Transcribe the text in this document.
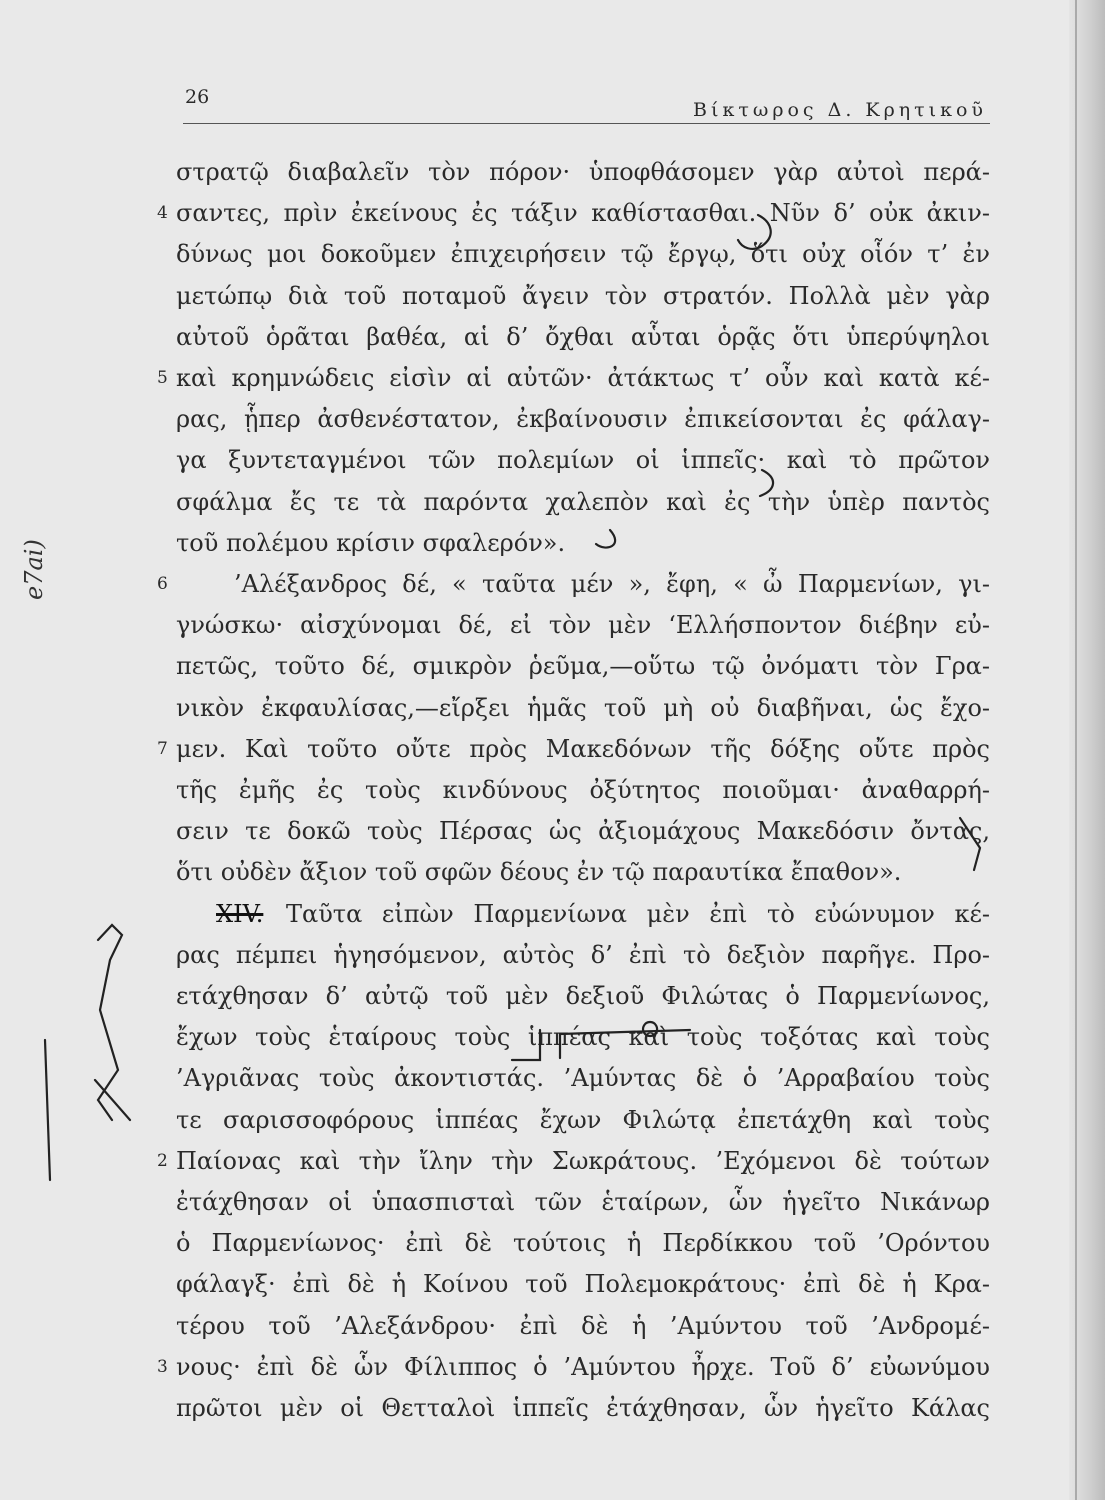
26
Βίκτωρος Δ. Κρητικοῦ
e7ai)
στρατῷ διαβαλεῖν τὸν πόρον· ὑποφθάσομεν γὰρ αὐτοὶ περά-
4 σαντες, πρὶν ἐκείνους ἐς τάξιν καθίστασθαι. Νῦν δ’ οὐκ ἀκιν-
δύνως μοι δοκοῦμεν ἐπιχειρήσειν τῷ ἔργῳ, ὅτι οὐχ οἷόν τ’ ἐν
μετώπῳ διὰ τοῦ ποταμοῦ ἄγειν τὸν στρατόν. Πολλὰ μὲν γὰρ
αὐτοῦ ὁρᾶται βαθέα, αἱ δ’ ὄχθαι αὗται ὁρᾷς ὅτι ὑπερύψηλοι
5 καὶ κρημνώδεις εἰσὶν αἱ αὐτῶν· ἀτάκτως τ’ οὖν καὶ κατὰ κέ-
ρας, ᾗπερ ἀσθενέστατον, ἐκβαίνουσιν ἐπικείσονται ἐς φάλαγ-
γα ξυντεταγμένοι τῶν πολεμίων οἱ ἱππεῖς· καὶ τὸ πρῶτον
σφάλμα ἔς τε τὰ παρόντα χαλεπὸν καὶ ἐς τὴν ὑπὲρ παντὸς
τοῦ πολέμου κρίσιν σφαλερόν».
6	’Αλέξανδρος δέ, « ταῦτα μέν », ἔφη, « ὦ Παρμενίων, γι-
γνώσκω· αἰσχύνομαι δέ, εἰ τὸν μὲν ‘Ελλήσποντον διέβην εὐ-
πετῶς, τοῦτο δέ, σμικρὸν ῥεῦμα,—οὕτω τῷ ὀνόματι τὸν Γρα-
νικὸν ἐκφαυλίσας,—εἴρξει ἡμᾶς τοῦ μὴ οὐ διαβῆναι, ὡς ἔχο-
7 μεν. Καὶ τοῦτο οὔτε πρὸς Μακεδόνων τῆς δόξης οὔτε πρὸς
τῆς ἐμῆς ἐς τοὺς κινδύνους ὀξύτητος ποιοῦμαι· ἀναθαρρή-
σειν τε δοκῶ τοὺς Πέρσας ὡς ἀξιομάχους Μακεδόσιν ὄντας,
ὅτι οὐδὲν ἄξιον τοῦ σφῶν δέους ἐν τῷ παραυτίκα ἔπαθον».
XIV. Ταῦτα εἰπὼν Παρμενίωνα μὲν ἐπὶ τὸ εὐώνυμον κέ-
ρας πέμπει ἡγησόμενον, αὐτὸς δ’ ἐπὶ τὸ δεξιὸν παρῆγε. Προ-
ετάχθησαν δ’ αὐτῷ τοῦ μὲν δεξιοῦ Φιλώτας ὁ Παρμενίωνος,
ἔχων τοὺς ἑταίρους τοὺς ἱππέας καὶ τοὺς τοξότας καὶ τοὺς
’Αγριᾶνας τοὺς ἀκοντιστάς. ’Αμύντας δὲ ὁ ’Αρραβαίου τοὺς
τε σαρισσοφόρους ἱππέας ἔχων Φιλώτᾳ ἐπετάχθη καὶ τοὺς
2 Παίονας καὶ τὴν ἴλην τὴν Σωκράτους. ’Εχόμενοι δὲ τούτων
ἐτάχθησαν οἱ ὑπασπισταὶ τῶν ἑταίρων, ὧν ἡγεῖτο Νικάνωρ
ὁ Παρμενίωνος· ἐπὶ δὲ τούτοις ἡ Περδίκκου τοῦ ’Ορόντου
φάλαγξ· ἐπὶ δὲ ἡ Κοίνου τοῦ Πολεμοκράτους· ἐπὶ δὲ ἡ Κρα-
τέρου τοῦ ’Αλεξάνδρου· ἐπὶ δὲ ἡ ’Αμύντου τοῦ ’Ανδρομέ-
3 νους· ἐπὶ δὲ ὧν Φίλιππος ὁ ’Αμύντου ἦρχε. Τοῦ δ’ εὐωνύμου
πρῶτοι μὲν οἱ Θετταλοὶ ἱππεῖς ἐτάχθησαν, ὧν ἡγεῖτο Κάλας
